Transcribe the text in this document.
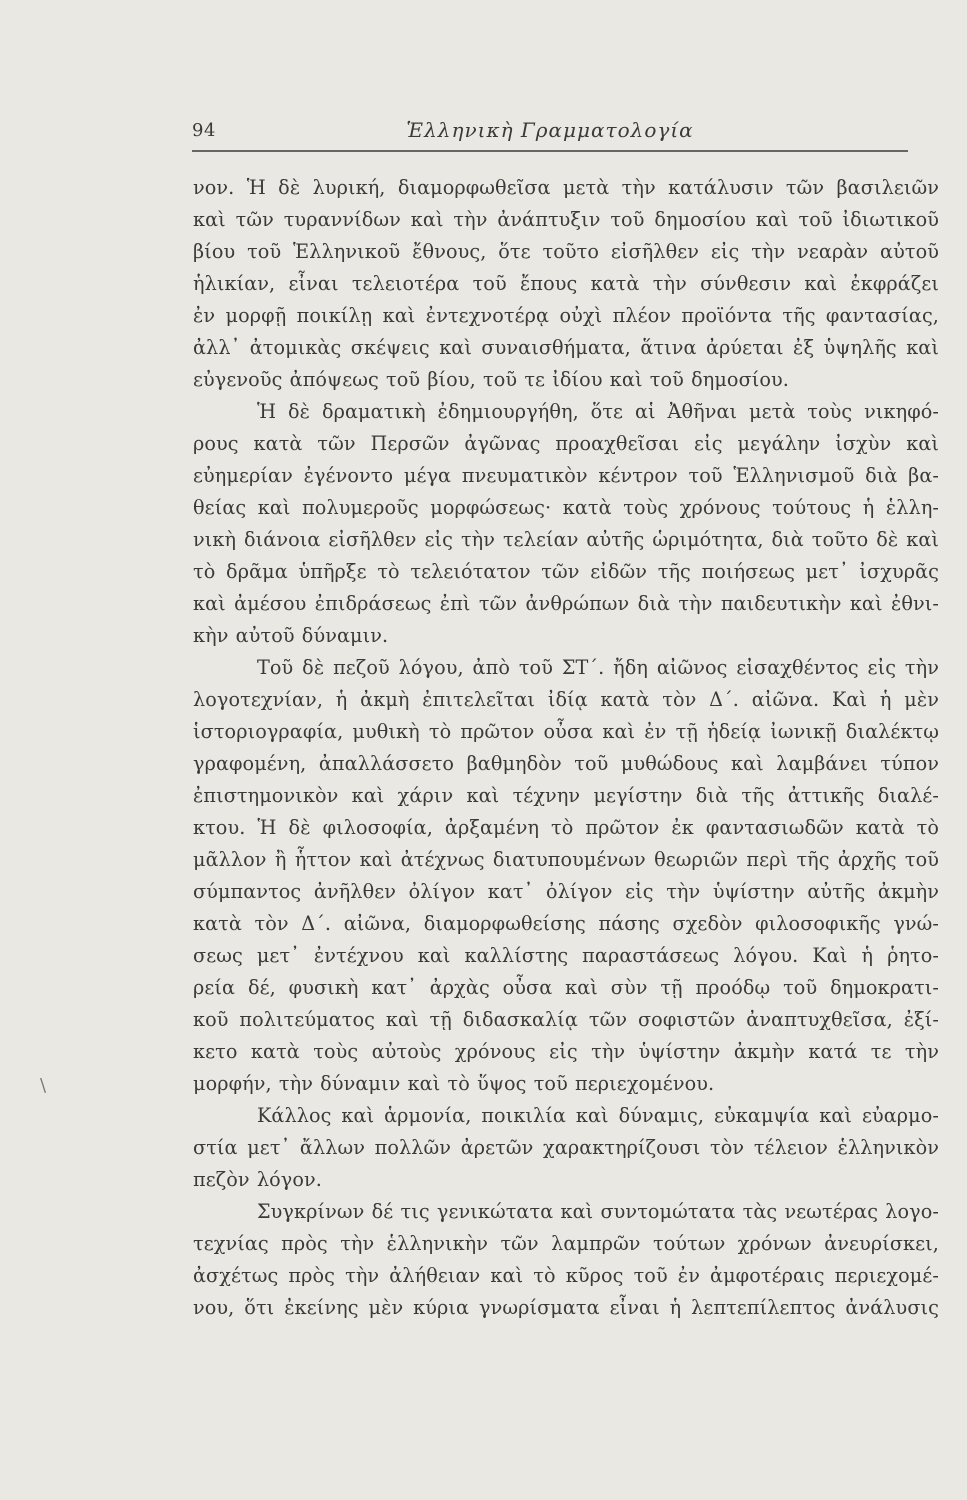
94	Ἑλληνικὴ Γραμματολογία
νον. Ἡ δὲ λυρική, διαμορφωθεῖσα μετὰ τὴν κατάλυσιν τῶν βασιλειῶν
καὶ τῶν τυραννίδων καὶ τὴν ἀνάπτυξιν τοῦ δημοσίου καὶ τοῦ ἰδιωτικοῦ
βίου τοῦ Ἑλληνικοῦ ἔθνους, ὅτε τοῦτο εἰσῆλθεν εἰς τὴν νεαρὰν αὐτοῦ
ἡλικίαν, εἶναι τελειοτέρα τοῦ ἔπους κατὰ τὴν σύνθεσιν καὶ ἐκφράζει
ἐν μορφῇ ποικίλῃ καὶ ἐντεχνοτέρᾳ οὐχὶ πλέον προϊόντα τῆς φαντασίας,
ἀλλ᾽ ἀτομικὰς σκέψεις καὶ συναισθήματα, ἅτινα ἀρύεται ἐξ ὑψηλῆς καὶ
εὐγενοῦς ἀπόψεως τοῦ βίου, τοῦ τε ἰδίου καὶ τοῦ δημοσίου.
Ἡ δὲ δραματικὴ ἐδημιουργήθη, ὅτε αἱ Ἀθῆναι μετὰ τοὺς νικηφό-
ρους κατὰ τῶν Περσῶν ἀγῶνας προαχθεῖσαι εἰς μεγάλην ἰσχὺν καὶ
εὐημερίαν ἐγένοντο μέγα πνευματικὸν κέντρον τοῦ Ἑλληνισμοῦ διὰ βα-
θείας καὶ πολυμεροῦς μορφώσεως· κατὰ τοὺς χρόνους τούτους ἡ ἑλλη-
νικὴ διάνοια εἰσῆλθεν εἰς τὴν τελείαν αὐτῆς ὡριμότητα, διὰ τοῦτο δὲ καὶ
τὸ δρᾶμα ὑπῆρξε τὸ τελειότατον τῶν εἰδῶν τῆς ποιήσεως μετ᾽ ἰσχυρᾶς
καὶ ἀμέσου ἐπιδράσεως ἐπὶ τῶν ἀνθρώπων διὰ τὴν παιδευτικὴν καὶ ἐθνι-
κὴν αὐτοῦ δύναμιν.
Τοῦ δὲ πεζοῦ λόγου, ἀπὸ τοῦ ΣΤ´. ἤδη αἰῶνος εἰσαχθέντος εἰς τὴν
λογοτεχνίαν, ἡ ἀκμὴ ἐπιτελεῖται ἰδίᾳ κατὰ τὸν Δ´. αἰῶνα. Καὶ ἡ μὲν
ἱστοριογραφία, μυθικὴ τὸ πρῶτον οὖσα καὶ ἐν τῇ ἡδείᾳ ἰωνικῇ διαλέκτῳ
γραφομένη, ἀπαλλάσσετο βαθμηδὸν τοῦ μυθώδους καὶ λαμβάνει τύπον
ἐπιστημονικὸν καὶ χάριν καὶ τέχνην μεγίστην διὰ τῆς ἀττικῆς διαλέ-
κτου. Ἡ δὲ φιλοσοφία, ἀρξαμένη τὸ πρῶτον ἐκ φαντασιωδῶν κατὰ τὸ
μᾶλλον ἢ ἧττον καὶ ἀτέχνως διατυπουμένων θεωριῶν περὶ τῆς ἀρχῆς τοῦ
σύμπαντος ἀνῆλθεν ὀλίγον κατ᾽ ὀλίγον εἰς τὴν ὑψίστην αὐτῆς ἀκμὴν
κατὰ τὸν Δ´. αἰῶνα, διαμορφωθείσης πάσης σχεδὸν φιλοσοφικῆς γνώ-
σεως μετ᾽ ἐντέχνου καὶ καλλίστης παραστάσεως λόγου. Καὶ ἡ ῥητο-
ρεία δέ, φυσικὴ κατ᾽ ἀρχὰς οὖσα καὶ σὺν τῇ προόδῳ τοῦ δημοκρατι-
κοῦ πολιτεύματος καὶ τῇ διδασκαλίᾳ τῶν σοφιστῶν ἀναπτυχθεῖσα, ἐξί-
κετο κατὰ τοὺς αὐτοὺς χρόνους εἰς τὴν ὑψίστην ἀκμὴν κατά τε τὴν
μορφήν, τὴν δύναμιν καὶ τὸ ὕψος τοῦ περιεχομένου.
Κάλλος καὶ ἁρμονία, ποικιλία καὶ δύναμις, εὐκαμψία καὶ εὐαρμο-
στία μετ᾽ ἄλλων πολλῶν ἀρετῶν χαρακτηρίζουσι τὸν τέλειον ἑλληνικὸν
πεζὸν λόγον.
Συγκρίνων δέ τις γενικώτατα καὶ συντομώτατα τὰς νεωτέρας λογο-
τεχνίας πρὸς τὴν ἑλληνικὴν τῶν λαμπρῶν τούτων χρόνων ἀνευρίσκει,
ἀσχέτως πρὸς τὴν ἀλήθειαν καὶ τὸ κῦρος τοῦ ἐν ἀμφοτέραις περιεχομέ-
νου, ὅτι ἐκείνης μὲν κύρια γνωρίσματα εἶναι ἡ λεπτεπίλεπτος ἀνάλυσις
\
